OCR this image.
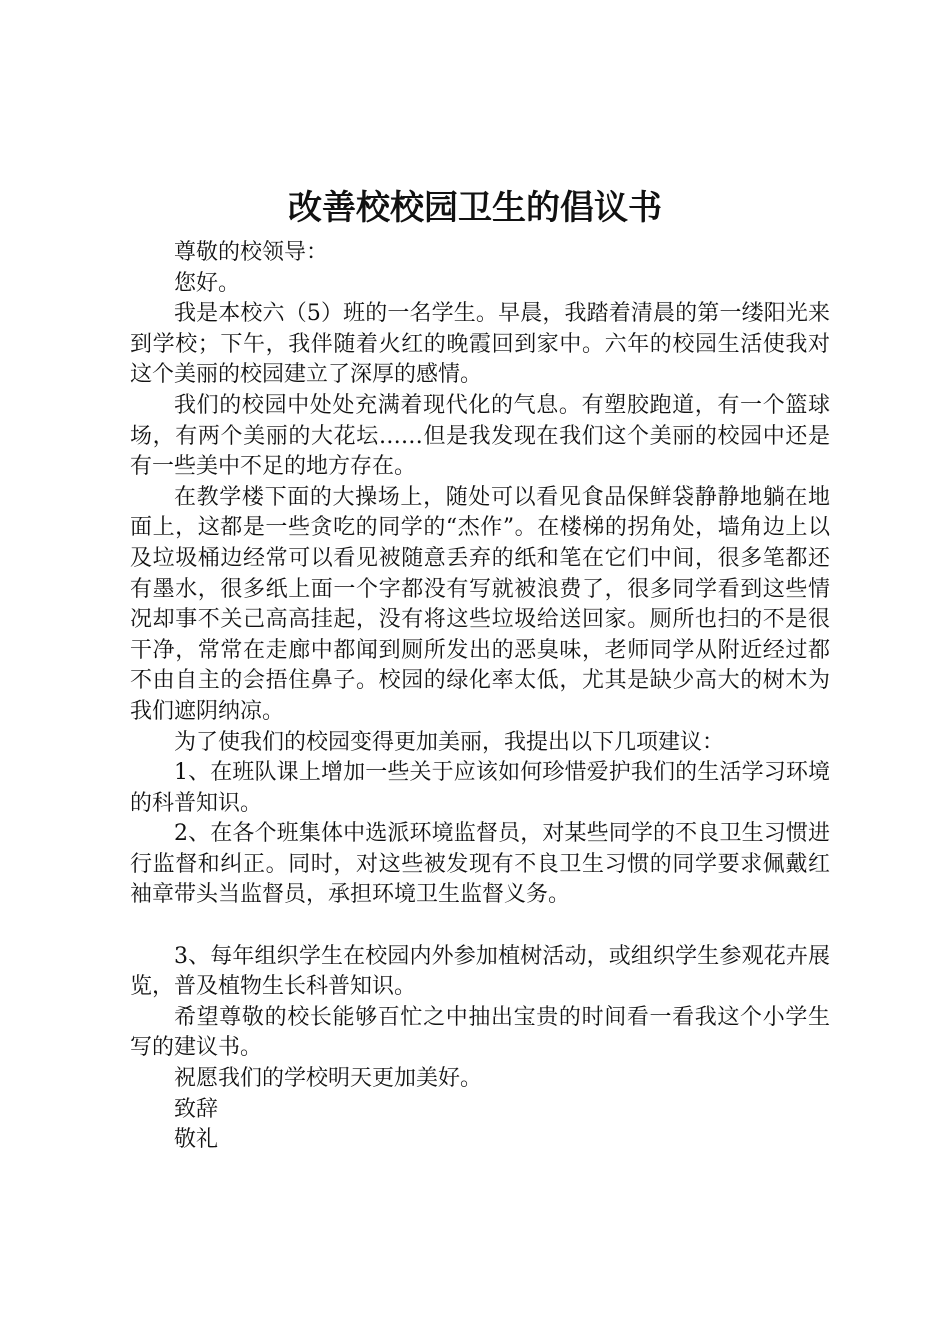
改善校校园卫生的倡议书

尊敬的校领导：

您好。

我是本校六（5）班的一名学生。早晨，我踏着清晨的第一缕阳光来到学校；下午，我伴随着火红的晚霞回到家中。六年的校园生活使我对这个美丽的校园建立了深厚的感情。

我们的校园中处处充满着现代化的气息。有塑胶跑道，有一个篮球场，有两个美丽的大花坛……但是我发现在我们这个美丽的校园中还是有一些美中不足的地方存在。

在教学楼下面的大操场上，随处可以看见食品保鲜袋静静地躺在地面上，这都是一些贪吃的同学的“杰作”。在楼梯的拐角处，墙角边上以及垃圾桶边经常可以看见被随意丢弃的纸和笔在它们中间，很多笔都还有墨水，很多纸上面一个字都没有写就被浪费了，很多同学看到这些情况却事不关己高高挂起，没有将这些垃圾给送回家。厕所也扫的不是很干净，常常在走廊中都闻到厕所发出的恶臭味，老师同学从附近经过都不由自主的会捂住鼻子。校园的绿化率太低，尤其是缺少高大的树木为我们遮阴纳凉。

为了使我们的校园变得更加美丽，我提出以下几项建议：

1、在班队课上增加一些关于应该如何珍惜爱护我们的生活学习环境的科普知识。

2、在各个班集体中选派环境监督员，对某些同学的不良卫生习惯进行监督和纠正。同时，对这些被发现有不良卫生习惯的同学要求佩戴红袖章带头当监督员，承担环境卫生监督义务。

3、每年组织学生在校园内外参加植树活动，或组织学生参观花卉展览，普及植物生长科普知识。

希望尊敬的校长能够百忙之中抽出宝贵的时间看一看我这个小学生写的建议书。

祝愿我们的学校明天更加美好。

致辞

敬礼
